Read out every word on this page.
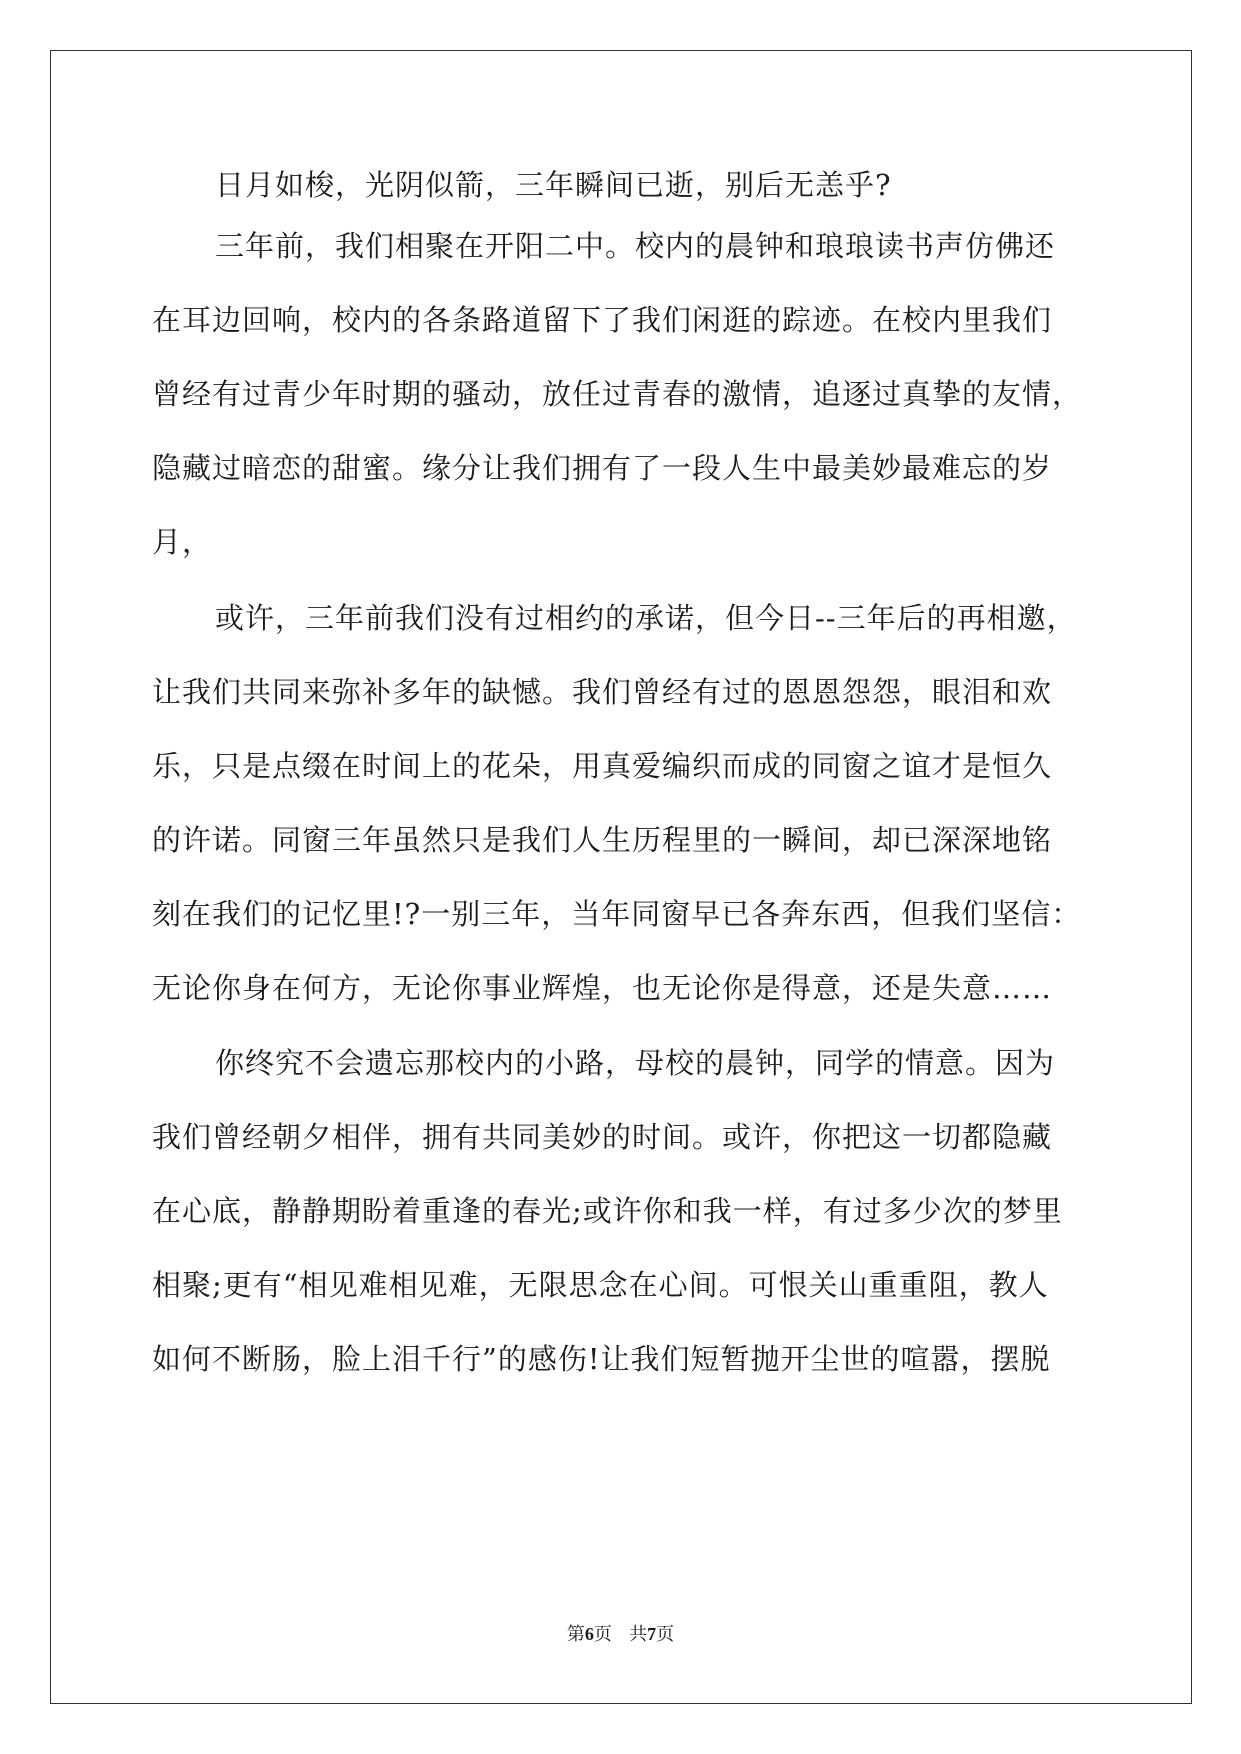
日月如梭，光阴似箭，三年瞬间已逝，别后无恙乎?
三年前，我们相聚在开阳二中。校内的晨钟和琅琅读书声仿佛还
在耳边回响，校内的各条路道留下了我们闲逛的踪迹。在校内里我们
曾经有过青少年时期的骚动，放任过青春的激情，追逐过真挚的友情，
隐藏过暗恋的甜蜜。缘分让我们拥有了一段人生中最美妙最难忘的岁
月，
或许，三年前我们没有过相约的承诺，但今日--三年后的再相邀，
让我们共同来弥补多年的缺憾。我们曾经有过的恩恩怨怨，眼泪和欢
乐，只是点缀在时间上的花朵，用真爱编织而成的同窗之谊才是恒久
的许诺。同窗三年虽然只是我们人生历程里的一瞬间，却已深深地铭
刻在我们的记忆里!?一别三年，当年同窗早已各奔东西，但我们坚信：
无论你身在何方，无论你事业辉煌，也无论你是得意，还是失意……
你终究不会遗忘那校内的小路，母校的晨钟，同学的情意。因为
我们曾经朝夕相伴，拥有共同美妙的时间。或许，你把这一切都隐藏
在心底，静静期盼着重逢的春光;或许你和我一样，有过多少次的梦里
相聚;更有“相见难相见难，无限思念在心间。可恨关山重重阻，教人
如何不断肠，脸上泪千行”的感伤!让我们短暂抛开尘世的喧嚣，摆脱
第6页 共7页
